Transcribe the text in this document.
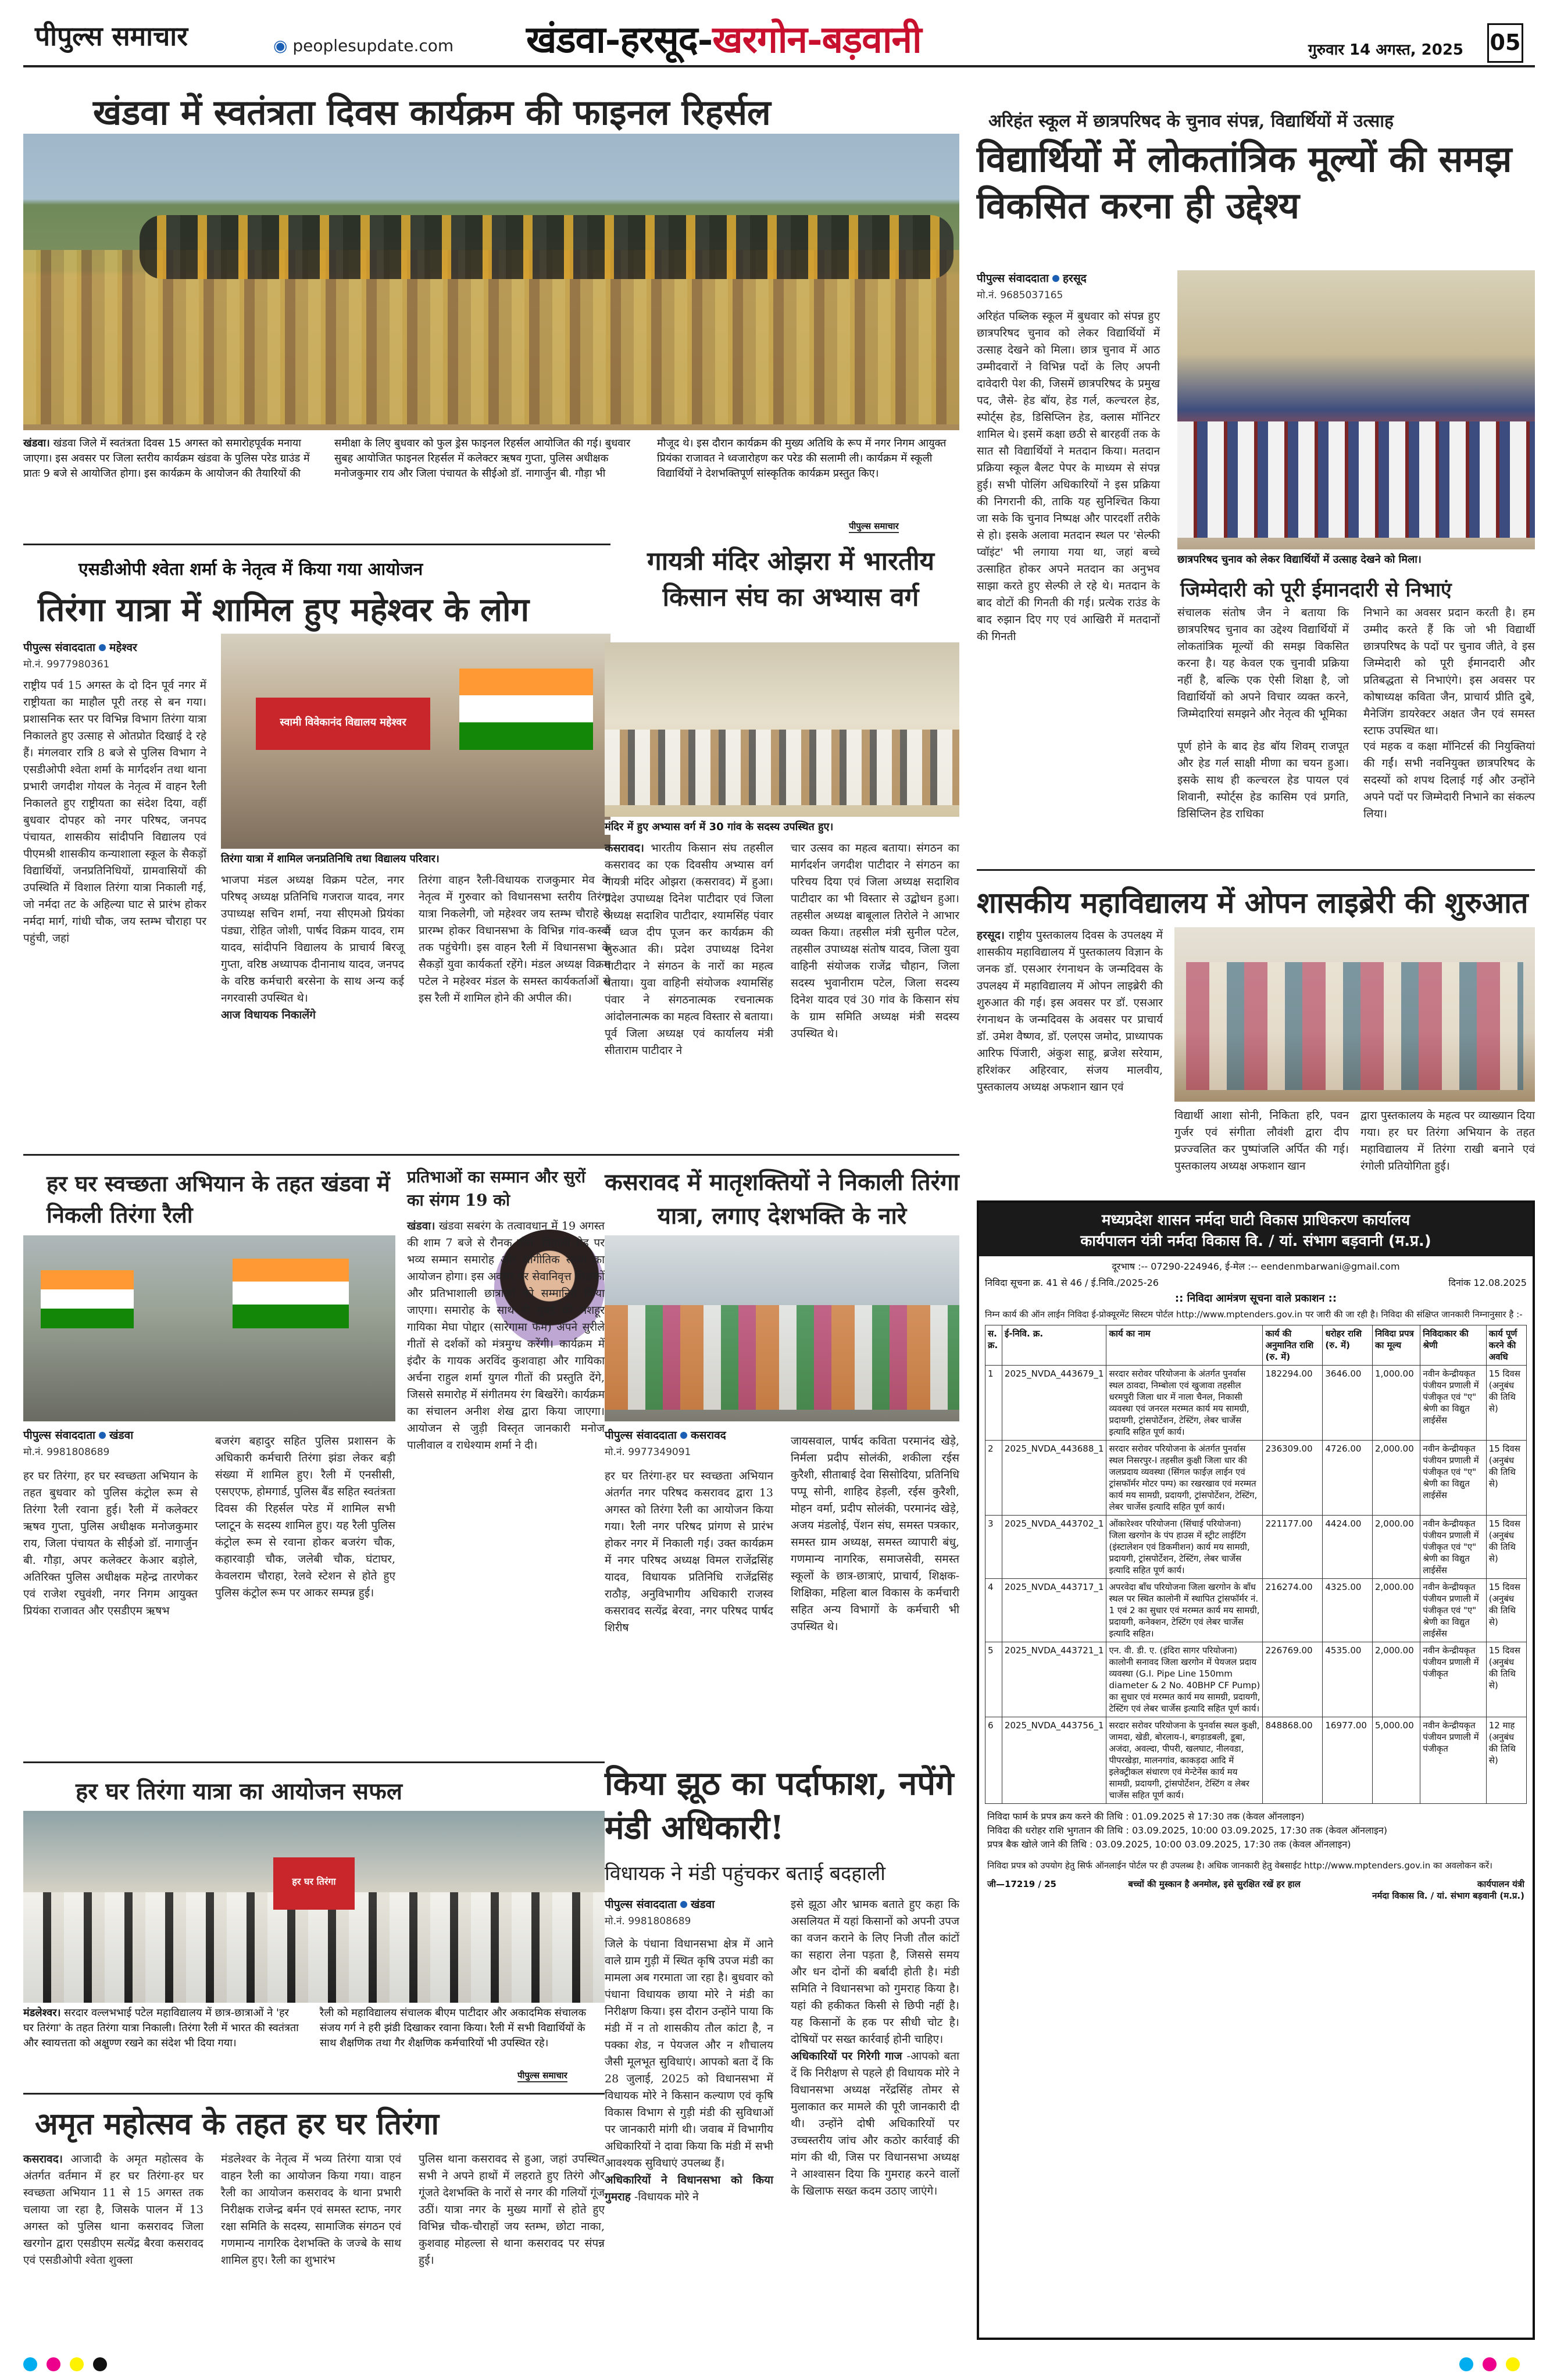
पीपुल्स समाचार	◉ peoplesupdate.com खंडवा-हरसूद-खरगोन-बड़वानी	गुरुवार 14 अगस्त, 2025 05
खंडवा में स्वतंत्रता दिवस कार्यक्रम की फाइनल रिहर्सल
खंडवा। खंडवा जिले में स्वतंत्रता दिवस 15 अगस्त को समारोहपूर्वक मनाया जाएगा। इस अवसर पर जिला स्तरीय कार्यक्रम खंडवा के पुलिस परेड ग्राउंड में प्रातः 9 बजे से आयोजित होगा। इस कार्यक्रम के आयोजन की तैयारियों की
समीक्षा के लिए बुधवार को फुल ड्रेस फाइनल रिहर्सल आयोजित की गई। बुधवार सुबह आयोजित फाइनल रिहर्सल में कलेक्टर ऋषव गुप्ता, पुलिस अधीक्षक मनोजकुमार राय और जिला पंचायत के सीईओ डॉ. नागार्जुन बी. गौड़ा भी
मौजूद थे। इस दौरान कार्यक्रम की मुख्य अतिथि के रूप में नगर निगम आयुक्त प्रियंका राजावत ने ध्वजारोहण कर परेड की सलामी ली। कार्यक्रम में स्कूली विद्यार्थियों ने देशभक्तिपूर्ण सांस्कृतिक कार्यक्रम प्रस्तुत किए।
पीपुल्स समाचार
अरिहंत स्कूल में छात्रपरिषद के चुनाव संपन्न, विद्यार्थियों में उत्साह
विद्यार्थियों में लोकतांत्रिक मूल्यों की समझ विकसित करना ही उद्देश्य
पीपुल्स संवाददाता हरसूद
मो.नं. 9685037165
अरिहंत पब्लिक स्कूल में बुधवार को संपन्न हुए छात्रपरिषद चुनाव को लेकर विद्यार्थियों में उत्साह देखने को मिला। छात्र चुनाव में आठ उम्मीदवारों ने विभिन्न पदों के लिए अपनी दावेदारी पेश की, जिसमें छात्रपरिषद के प्रमुख पद, जैसे- हेड बॉय, हेड गर्ल, कल्चरल हेड, स्पोर्ट्स हेड, डिसिप्लिन हेड, क्लास मॉनिटर शामिल थे। इसमें कक्षा छठी से बारहवीं तक के सात सौ विद्यार्थियों ने मतदान किया। मतदान प्रक्रिया स्कूल बैलट पेपर के माध्यम से संपन्न हुई। सभी पोलिंग अधिकारियों ने इस प्रक्रिया की निगरानी की, ताकि यह सुनिश्चित किया जा सके कि चुनाव निष्पक्ष और पारदर्शी तरीके से हो। इसके अलावा मतदान स्थल पर 'सेल्फी प्वॉइंट' भी लगाया गया था, जहां बच्चे उत्साहित होकर अपने मतदान का अनुभव साझा करते हुए सेल्फी ले रहे थे। मतदान के बाद वोटों की गिनती की गई। प्रत्येक राउंड के बाद रुझान दिए गए एवं आखिरी में मतदानों की गिनती
छात्रपरिषद चुनाव को लेकर विद्यार्थियों में उत्साह देखने को मिला।
जिम्मेदारी को पूरी ईमानदारी से निभाएं
संचालक संतोष जैन ने बताया कि छात्रपरिषद चुनाव का उद्देश्य विद्यार्थियों में लोकतांत्रिक मूल्यों की समझ विकसित करना है। यह केवल एक चुनावी प्रक्रिया नहीं है, बल्कि एक ऐसी शिक्षा है, जो विद्यार्थियों को अपने विचार व्यक्त करने, जिम्मेदारियां समझने और नेतृत्व की भूमिका
निभाने का अवसर प्रदान करती है। हम उम्मीद करते हैं कि जो भी विद्यार्थी छात्रपरिषद के पदों पर चुनाव जीते, वे इस जिम्मेदारी को पूरी ईमानदारी और प्रतिबद्धता से निभाएंगे। इस अवसर पर कोषाध्यक्ष कविता जैन, प्राचार्य प्रीति दुबे, मैनेजिंग डायरेक्टर अक्षत जैन एवं समस्त स्टाफ उपस्थित था।
पूर्ण होने के बाद हेड बॉय शिवम् राजपूत और हेड गर्ल साक्षी मीणा का चयन हुआ। इसके साथ ही कल्चरल हेड पायल एवं शिवानी, स्पोर्ट्स हेड कासिम एवं प्रगति, डिसिप्लिन हेड राधिका
एवं महक व कक्षा मॉनिटर्स की नियुक्तियां की गईं। सभी नवनियुक्त छात्रपरिषद के सदस्यों को शपथ दिलाई गई और उन्होंने अपने पदों पर जिम्मेदारी निभाने का संकल्प लिया।
एसडीओपी श्वेता शर्मा के नेतृत्व में किया गया आयोजन
तिरंगा यात्रा में शामिल हुए महेश्वर के लोग
पीपुल्स संवाददाता महेश्वर
मो.नं. 9977980361
राष्ट्रीय पर्व 15 अगस्त के दो दिन पूर्व नगर में राष्ट्रीयता का माहौल पूरी तरह से बन गया। प्रशासनिक स्तर पर विभिन्न विभाग तिरंगा यात्रा निकालते हुए उत्साह से ओतप्रोत दिखाई दे रहे हैं। मंगलवार रात्रि 8 बजे से पुलिस विभाग ने एसडीओपी श्वेता शर्मा के मार्गदर्शन तथा थाना प्रभारी जगदीश गोयल के नेतृत्व में वाहन रैली निकालते हुए राष्ट्रीयता का संदेश दिया, वहीं बुधवार दोपहर को नगर परिषद, जनपद पंचायत, शासकीय सांदीपनि विद्यालय एवं पीएमश्री शासकीय कन्याशाला स्कूल के सैकड़ों विद्यार्थियों, जनप्रतिनिधियों, ग्रामवासियों की उपस्थिति में विशाल तिरंगा यात्रा निकाली गई, जो नर्मदा तट के अहिल्या घाट से प्रारंभ होकर नर्मदा मार्ग, गांधी चौक, जय स्तम्भ चौराहा पर पहुंची, जहां
स्वामी विवेकानंद विद्यालय महेश्वर
तिरंगा यात्रा में शामिल जनप्रतिनिधि तथा विद्यालय परिवार।
भाजपा मंडल अध्यक्ष विक्रम पटेल, नगर परिषद् अध्यक्ष प्रतिनिधि गजराज यादव, नगर उपाध्यक्ष सचिन शर्मा, नया सीएमओ प्रियंका पंड्या, रोहित जोशी, पार्षद विक्रम यादव, राम यादव, सांदीपनि विद्यालय के प्राचार्य बिरजू गुप्ता, वरिष्ठ अध्यापक दीनानाथ यादव, जनपद के वरिष्ठ कर्मचारी बरसेना के साथ अन्य कई नगरवासी उपस्थित थे।
आज विधायक निकालेंगे
तिरंगा वाहन रैली-विधायक राजकुमार मेव के नेतृत्व में गुरुवार को विधानसभा स्तरीय तिरंगा यात्रा निकलेगी, जो महेश्वर जय स्तम्भ चौराहे से प्रारम्भ होकर विधानसभा के विभिन्न गांव-कस्बों तक पहुंचेगी। इस वाहन रैली में विधानसभा के सैकड़ों युवा कार्यकर्ता रहेंगे। मंडल अध्यक्ष विक्रम पटेल ने महेश्वर मंडल के समस्त कार्यकर्ताओं से इस रैली में शामिल होने की अपील की।
गायत्री मंदिर ओझरा में भारतीय किसान संघ का अभ्यास वर्ग
मंदिर में हुए अभ्यास वर्ग में 30 गांव के सदस्य उपस्थित हुए।
कसरावद। भारतीय किसान संघ तहसील कसरावद का एक दिवसीय अभ्यास वर्ग गायत्री मंदिर ओझरा (कसरावद) में हुआ। प्रदेश उपाध्यक्ष दिनेश पाटीदार एवं जिला अध्यक्ष सदाशिव पाटीदार, श्यामसिंह पंवार ने ध्वज दीप पूजन कर कार्यक्रम की शुरुआत की। प्रदेश उपाध्यक्ष दिनेश पाटीदार ने संगठन के नारों का महत्व बताया। युवा वाहिनी संयोजक श्यामसिंह पंवार ने संगठनात्मक रचनात्मक आंदोलनात्मक का महत्व विस्तार से बताया। पूर्व जिला अध्यक्ष एवं कार्यालय मंत्री सीताराम पाटीदार ने
चार उत्सव का महत्व बताया। संगठन का मार्गदर्शन जगदीश पाटीदार ने संगठन का परिचय दिया एवं जिला अध्यक्ष सदाशिव पाटीदार का भी विस्तार से उद्बोधन हुआ। तहसील अध्यक्ष बाबूलाल तिरोले ने आभार व्यक्त किया। तहसील मंत्री सुनील पटेल, तहसील उपाध्यक्ष संतोष यादव, जिला युवा वाहिनी संयोजक राजेंद्र चौहान, जिला सदस्य भुवानीराम पटेल, जिला सदस्य दिनेश यादव एवं 30 गांव के किसान संघ के ग्राम समिति अध्यक्ष मंत्री सदस्य उपस्थित थे।
शासकीय महाविद्यालय में ओपन लाइब्रेरी की शुरुआत
हरसूद। राष्ट्रीय पुस्तकालय दिवस के उपलक्ष्य में शासकीय महाविद्यालय में पुस्तकालय विज्ञान के जनक डॉ. एसआर रंगनाथन के जन्मदिवस के उपलक्ष्य में महाविद्यालय में ओपन लाइब्रेरी की शुरुआत की गई। इस अवसर पर डॉ. एसआर रंगनाथन के जन्मदिवस के अवसर पर प्राचार्य डॉ. उमेश वैष्णव, डॉ. एलएस जमोद, प्राध्यापक आरिफ पिंजारी, अंकुश साहू, ब्रजेश सरेयाम, हरिशंकर अहिरवार, संजय मालवीय, पुस्तकालय अध्यक्ष अफशान खान एवं
विद्यार्थी आशा सोनी, निकिता हरि, पवन गुर्जर एवं संगीता लौवंशी द्वारा दीप प्रज्ज्वलित कर पुष्पांजलि अर्पित की गई। पुस्तकालय अध्यक्ष अफशान खान
द्वारा पुस्तकालय के महत्व पर व्याख्यान दिया गया। हर घर तिरंगा अभियान के तहत महाविद्यालय में तिरंगा राखी बनाने एवं रंगोली प्रतियोगिता हुई।
हर घर स्वच्छता अभियान के तहत खंडवा में निकली तिरंगा रैली
पीपुल्स संवाददाता खंडवा
मो.नं. 9981808689
हर घर तिरंगा, हर घर स्वच्छता अभियान के तहत बुधवार को पुलिस कंट्रोल रूम से तिरंगा रैली रवाना हुई। रैली में कलेक्टर ऋषव गुप्ता, पुलिस अधीक्षक मनोजकुमार राय, जिला पंचायत के सीईओ डॉ. नागार्जुन बी. गौड़ा, अपर कलेक्टर केआर बड़ोले, अतिरिक्त पुलिस अधीक्षक महेन्द्र तारणेकर एवं राजेश रघुवंशी, नगर निगम आयुक्त प्रियंका राजावत और एसडीएम ऋषभ
बजरंग बहादुर सहित पुलिस प्रशासन के अधिकारी कर्मचारी तिरंगा झंडा लेकर बड़ी संख्या में शामिल हुए। रैली में एनसीसी, एसएएफ, होमगार्ड, पुलिस बैंड सहित स्वतंत्रता दिवस की रिहर्सल परेड में शामिल सभी प्लाटून के सदस्य शामिल हुए। यह रैली पुलिस कंट्रोल रूम से रवाना होकर बजरंग चौक, कहारवाड़ी चौक, जलेबी चौक, घंटाघर, केवलराम चौराहा, रेलवे स्टेशन से होते हुए पुलिस कंट्रोल रूम पर आकर सम्पन्न हुई।
प्रतिभाओं का सम्मान और सुरों का संगम 19 को
खंडवा। खंडवा सबरंग के तत्वावधान में 19 अगस्त की शाम 7 बजे से रौनक हॉल, निवाली रोड पर भव्य सम्मान समारोह और सांगीतिक संध्या का आयोजन होगा। इस अवसर पर सेवानिवृत्त शिक्षकों और प्रतिभाशाली छात्राओं को सम्मानित किया जाएगा। समारोह के साथ ही मुंबई की मशहूर गायिका मेघा पोद्दार (सारेगामा फेम) अपने सुरीले गीतों से दर्शकों को मंत्रमुग्ध करेंगी। कार्यक्रम में इंदौर के गायक अरविंद कुशवाहा और गायिका अर्चना राहुल शर्मा युगल गीतों की प्रस्तुति देंगे, जिससे समारोह में संगीतमय रंग बिखरेंगे। कार्यक्रम का संचालन अनीश शेख द्वारा किया जाएगा। आयोजन से जुड़ी विस्तृत जानकारी मनोज पालीवाल व राधेश्याम शर्मा ने दी।
कसरावद में मातृशक्तियों ने निकाली तिरंगा यात्रा, लगाए देशभक्ति के नारे
पीपुल्स संवाददाता कसरावद
मो.नं. 9977349091
हर घर तिरंगा-हर घर स्वच्छता अभियान अंतर्गत नगर परिषद कसरावद द्वारा 13 अगस्त को तिरंगा रैली का आयोजन किया गया। रैली नगर परिषद प्रांगण से प्रारंभ होकर नगर में निकाली गई। उक्त कार्यक्रम में नगर परिषद अध्यक्ष विमल राजेंद्रसिंह यादव, विधायक प्रतिनिधि राजेंद्रसिंह राठौड़, अनुविभागीय अधिकारी राजस्व कसरावद सत्येंद्र बेरवा, नगर परिषद पार्षद शिरीष
जायसवाल, पार्षद कविता परमानंद खेड़े, निर्मला प्रदीप सोलंकी, शकीला रईस कुरैशी, सीताबाई देवा सिसोदिया, प्रतिनिधि पप्पू सोनी, शाहिद हेड़ली, रईस कुरैशी, मोहन वर्मा, प्रदीप सोलंकी, परमानंद खेड़े, अजय मंडलोई, पेंशन संघ, समस्त पत्रकार, समस्त ग्राम अध्यक्ष, समस्त व्यापारी बंधु, गणमान्य नागरिक, समाजसेवी, समस्त स्कूलों के छात्र-छात्राएं, प्राचार्य, शिक्षक-शिक्षिका, महिला बाल विकास के कर्मचारी सहित अन्य विभागों के कर्मचारी भी उपस्थित थे।
हर घर तिरंगा यात्रा का आयोजन सफल
हर घर तिरंगा
मंडलेश्वर। सरदार वल्लभभाई पटेल महाविद्यालय में छात्र-छात्राओं ने 'हर घर तिरंगा' के तहत तिरंगा यात्रा निकाली। तिरंगा रैली में भारत की स्वतंत्रता और स्वायत्तता को अक्षुण्ण रखने का संदेश भी दिया गया।
रैली को महाविद्यालय संचालक बीएम पाटीदार और अकादमिक संचालक संजय गर्ग ने हरी झंडी दिखाकर रवाना किया। रैली में सभी विद्यार्थियों के साथ शैक्षणिक तथा गैर शैक्षणिक कर्मचारियों भी उपस्थित रहे।
पीपुल्स समाचार
किया झूठ का पर्दाफाश, नपेंगे मंडी अधिकारी!
विधायक ने मंडी पहुंचकर बताई बदहाली
पीपुल्स संवाददाता खंडवा
मो.नं. 9981808689
जिले के पंधाना विधानसभा क्षेत्र में आने वाले ग्राम गुड़ी में स्थित कृषि उपज मंडी का मामला अब गरमाता जा रहा है। बुधवार को पंधाना विधायक छाया मोरे ने मंडी का निरीक्षण किया। इस दौरान उन्होंने पाया कि मंडी में न तो शासकीय तौल कांटा है, न पक्का शेड, न पेयजल और न शौचालय जैसी मूलभूत सुविधाएं। आपको बता दें कि 28 जुलाई, 2025 को विधानसभा में विधायक मोरे ने किसान कल्याण एवं कृषि विकास विभाग से गुड़ी मंडी की सुविधाओं पर जानकारी मांगी थी। जवाब में विभागीय अधिकारियों ने दावा किया कि मंडी में सभी आवश्यक सुविधाएं उपलब्ध हैं।
अधिकारियों ने विधानसभा को किया गुमराह -विधायक मोरे ने
इसे झूठा और भ्रामक बताते हुए कहा कि असलियत में यहां किसानों को अपनी उपज का वजन कराने के लिए निजी तौल कांटों का सहारा लेना पड़ता है, जिससे समय और धन दोनों की बर्बादी होती है। मंडी समिति ने विधानसभा को गुमराह किया है। यहां की हकीकत किसी से छिपी नहीं है। यह किसानों के हक पर सीधी चोट है। दोषियों पर सख्त कार्रवाई होनी चाहिए।
अधिकारियों पर गिरेगी गाज -आपको बता दें कि निरीक्षण से पहले ही विधायक मोरे ने विधानसभा अध्यक्ष नरेंद्रसिंह तोमर से मुलाकात कर मामले की पूरी जानकारी दी थी। उन्होंने दोषी अधिकारियों पर उच्चस्तरीय जांच और कठोर कार्रवाई की मांग की थी, जिस पर विधानसभा अध्यक्ष ने आश्वासन दिया कि गुमराह करने वालों के खिलाफ सख्त कदम उठाए जाएंगे।
अमृत महोत्सव के तहत हर घर तिरंगा
कसरावद। आजादी के अमृत महोत्सव के अंतर्गत वर्तमान में हर घर तिरंगा-हर घर स्वच्छता अभियान 11 से 15 अगस्त तक चलाया जा रहा है, जिसके पालन में 13 अगस्त को पुलिस थाना कसरावद जिला खरगोन द्वारा एसडीएम सत्येंद्र बैरवा कसरावद एवं एसडीओपी श्वेता शुक्ला
मंडलेश्वर के नेतृत्व में भव्य तिरंगा यात्रा एवं वाहन रैली का आयोजन किया गया। वाहन रैली का आयोजन कसरावद के थाना प्रभारी निरीक्षक राजेन्द्र बर्मन एवं समस्त स्टाफ, नगर रक्षा समिति के सदस्य, सामाजिक संगठन एवं गणमान्य नागरिक देशभक्ति के जज्बे के साथ शामिल हुए। रैली का शुभारंभ
पुलिस थाना कसरावद से हुआ, जहां उपस्थित सभी ने अपने हाथों में लहराते हुए तिरंगे और गूंजते देशभक्ति के नारों से नगर की गलियों गूंज उठीं। यात्रा नगर के मुख्य मार्गों से होते हुए विभिन्न चौक-चौराहों जय स्तम्भ, छोटा नाका, कुशवाह मोहल्ला से थाना कसरावद पर संपन्न हुई।
मध्यप्रदेश शासन नर्मदा घाटी विकास प्राधिकरण कार्यालय
कार्यपालन यंत्री नर्मदा विकास वि. / यां. संभाग बड़वानी (म.प्र.)
दूरभाष :-- 07290-224946, ई-मेल :-- eendenmbarwani@gmail.com
निविदा सूचना क्र. 41 से 46 / ई.निवि./2025-26	दिनांक 12.08.2025
:: निविदा आमंत्रण सूचना वाले प्रकाशन ::
निम्न कार्य की ऑन लाईन निविदा ई-प्रोक्यूरमेंट सिस्टम पोर्टल http://www.mptenders.gov.in पर जारी की जा रही है। निविदा की संक्षिप्त जानकारी निम्नानुसार है :-
स. क्र.	ई-निवि. क्र.	कार्य का नाम	कार्य की अनुमानित राशि (रु. में)	धरोहर राशि (रु. में)	निविदा प्रपत्र का मूल्य	निविदाकार की श्रेणी	कार्य पूर्ण करने की अवधि
1	2025_NVDA_443679_1	सरदार सरोवर परियोजना के अंतर्गत पुनर्वास स्थल ठावदा, निम्बोला एवं खुजावा तहसील धरमपुरी जिला धार में नाला चैनल, निकासी व्यवस्था एवं जनरल मरम्मत कार्य मय सामग्री, प्रदायगी, ट्रांसपोर्टेशन, टेस्टिंग, लेबर चार्जेस इत्यादि सहित पूर्ण कार्य।	182294.00	3646.00	1,000.00	नवीन केन्द्रीयकृत पंजीयन प्रणाली में पंजीकृत एवं "ए" श्रेणी का विद्युत लाईसेंस	15 दिवस (अनुबंध की तिथि से)
2	2025_NVDA_443688_1	सरदार सरोवर परियोजना के अंतर्गत पुनर्वास स्थल निसरपुर-I तहसील कुक्षी जिला धार की जलप्रदाय व्यवस्था (सिंगल फाईज़ लाईन एवं ट्रांसफॉर्मर मोटर पम्प) का रखरखाव एवं मरम्मत कार्य मय सामग्री, प्रदायगी, ट्रांसपोर्टेशन, टेस्टिंग, लेबर चार्जेस इत्यादि सहित पूर्ण कार्य।	236309.00	4726.00	2,000.00	नवीन केन्द्रीयकृत पंजीयन प्रणाली में पंजीकृत एवं "ए" श्रेणी का विद्युत लाईसेंस	15 दिवस (अनुबंध की तिथि से)
3	2025_NVDA_443702_1	ओंकारेश्वर परियोजना (सिंचाई परियोजना) जिला खरगोन के पंप हाउस में स्ट्रीट लाईटिंग (इंस्टालेशन एवं डिकमीशन) कार्य मय सामग्री, प्रदायगी, ट्रांसपोर्टेशन, टेस्टिंग, लेबर चार्जेस इत्यादि सहित पूर्ण कार्य।	221177.00	4424.00	2,000.00	नवीन केन्द्रीयकृत पंजीयन प्रणाली में पंजीकृत एवं "ए" श्रेणी का विद्युत लाईसेंस	15 दिवस (अनुबंध की तिथि से)
4	2025_NVDA_443717_1	अपरवेदा बाँध परियोजना जिला खरगोन के बाँध स्थल पर स्थित कालोनी में स्थापित ट्रांसफॉर्मर नं. 1 एवं 2 का सुधार एवं मरम्मत कार्य मय सामग्री, प्रदायगी, कनेक्शन, टेस्टिंग एवं लेबर चार्जेस इत्यादि सहित।	216274.00	4325.00	2,000.00	नवीन केन्द्रीयकृत पंजीयन प्रणाली में पंजीकृत एवं "ए" श्रेणी का विद्युत लाईसेंस	15 दिवस (अनुबंध की तिथि से)
5	2025_NVDA_443721_1	एन. वी. डी. ए. (इंदिरा सागर परियोजना) कालोनी सनावद जिला खरगोन में पेयजल प्रदाय व्यवस्था (G.I. Pipe Line 150mm diameter & 2 No. 40BHP CF Pump) का सुधार एवं मरम्मत कार्य मय सामग्री, प्रदायगी, टेस्टिंग एवं लेबर चार्जेस इत्यादि सहित पूर्ण कार्य।	226769.00	4535.00	2,000.00	नवीन केन्द्रीयकृत पंजीयन प्रणाली में पंजीकृत	15 दिवस (अनुबंध की तिथि से)
6	2025_NVDA_443756_1	सरदार सरोवर परियोजना के पुनर्वास स्थल कुक्षी, जामदा, खेडी, बोरलाय-I, बगड़ाडबली, डूबा, अजंदा, अवल्दा, पीपरी, खलघाट, नीलवडा, पीपरखेड़ा, मालनगांव, काकड़दा आदि में इलेक्ट्रीकल संधारण एवं मेन्टेनेंस कार्य मय सामग्री, प्रदायगी, ट्रांसपोर्टेशन, टेस्टिंग व लेबर चार्जेस सहित पूर्ण कार्य।	848868.00	16977.00	5,000.00	नवीन केन्द्रीयकृत पंजीयन प्रणाली में पंजीकृत	12 माह (अनुबंध की तिथि से)
निविदा फार्म के प्रपत्र क्रय करने की तिथि : 01.09.2025 से 17:30 तक (केवल ऑनलाइन)
निविदा की धरोहर राशि भुगतान की तिथि : 03.09.2025, 10:00 03.09.2025, 17:30 तक (केवल ऑनलाइन)
प्रपत्र बैक खोले जाने की तिथि : 03.09.2025, 10:00 03.09.2025, 17:30 तक (केवल ऑनलाइन)
निविदा प्रपत्र को उपयोग हेतु सिर्फ ऑनलाईन पोर्टल पर ही उपलब्ध है। अधिक जानकारी हेतु वेबसाईट http://www.mptenders.gov.in का अवलोकन करें।
जी—17219 / 25	बच्चों की मुस्कान है अनमोल, इसे सुरक्षित रखें हर हाल	कार्यपालन यंत्री
नर्मदा विकास वि. / यां. संभाग बड़वानी (म.प्र.)
